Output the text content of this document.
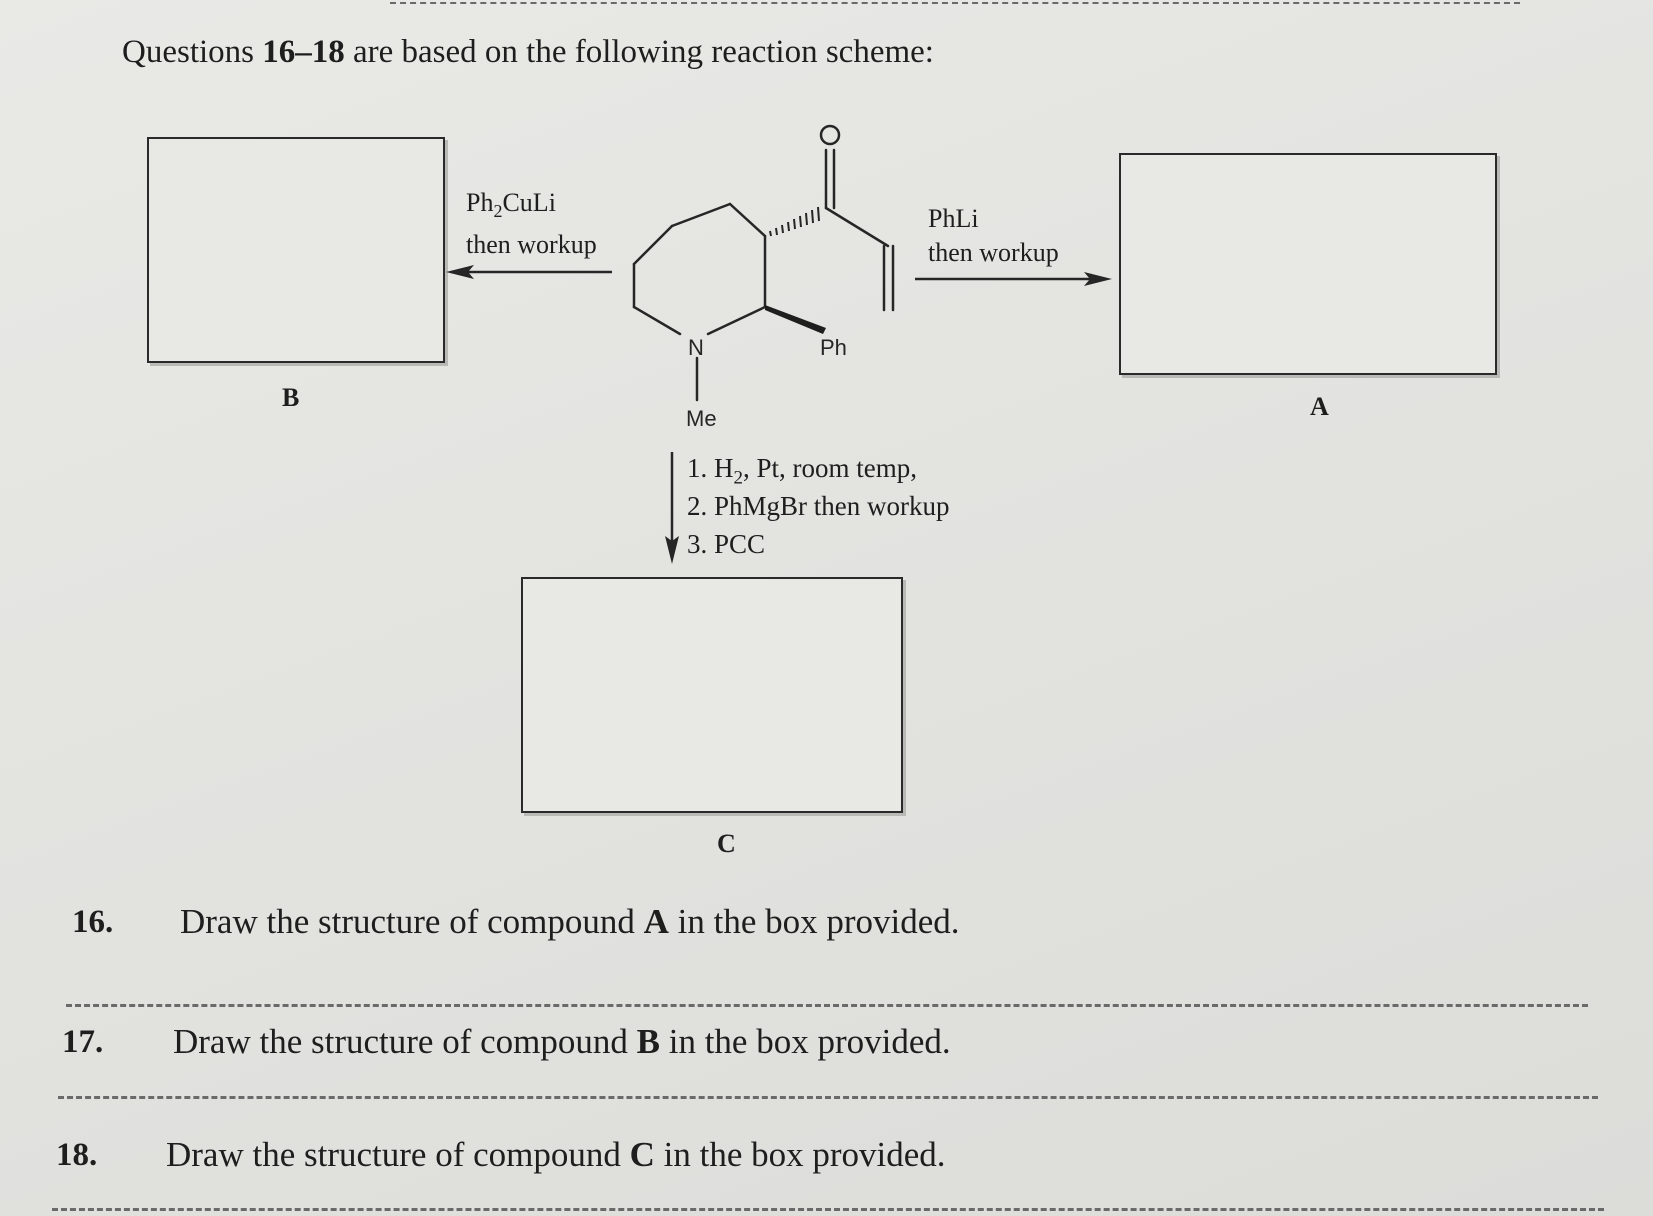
Questions 16–18 are based on the following reaction scheme:
B	A
C
$Ph_2CuLi$
then workup
PhLi
then workup
1. $H_2$, Pt, room temp,
2. PhMgBr then workup
3. PCC
O
N	Ph
Me
16. Draw the structure of compound A in the box provided.
17. Draw the structure of compound B in the box provided.
18. Draw the structure of compound C in the box provided.
